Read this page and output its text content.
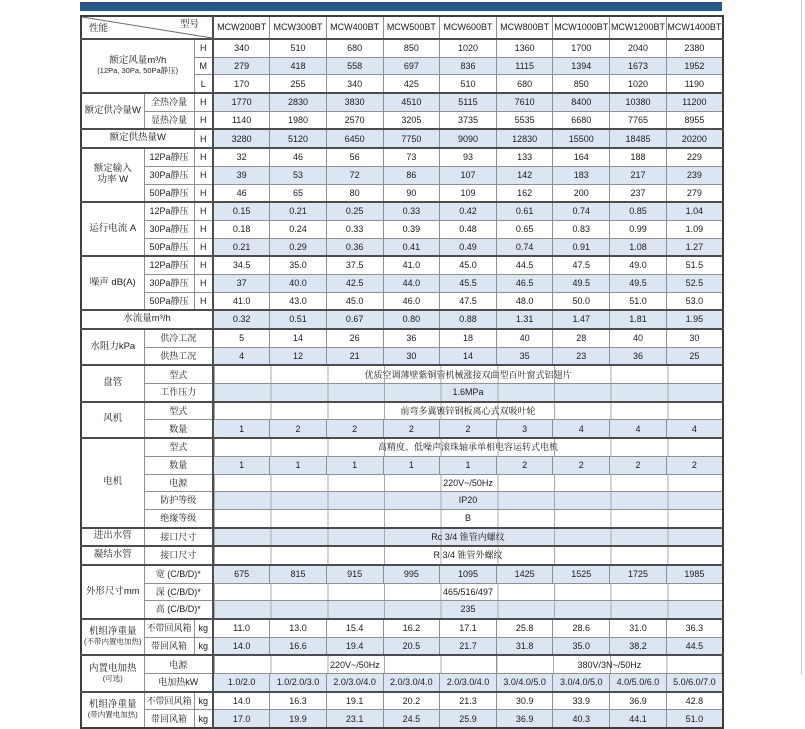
性能 型号			MCW200BT	MCW300BT	MCW400BT	MCW500BT	MCW600BT	MCW800BT	MCW1000BT	MCW1200BT	MCW1400BT
额定风量m³/h
(12Pa, 30Pa, 50Pa静压)		H	340	510	680	850	1020	1360	1700	2040	2380
		M	279	418	558	697	836	1115	1394	1673	1952
		L	170	255	340	425	510	680	850	1020	1190
额定供冷量W	全热冷量	H	1770	2830	3830	4510	5115	7610	8400	10380	11200
	显热冷量	H	1140	1980	2570	3205	3735	5535	6680	7765	8955
额定供热量W		H	3280	5120	6450	7750	9090	12830	15500	18485	20200
额定输入
功率 W	12Pa静压	H	32	46	56	73	93	133	164	188	229
	30Pa静压	H	39	53	72	86	107	142	183	217	239
	50Pa静压	H	46	65	80	90	109	162	200	237	279
运行电流 A	12Pa静压	H	0.15	0.21	0.25	0.33	0.42	0.61	0.74	0.85	1.04
	30Pa静压	H	0.18	0.24	0.33	0.39	0.48	0.65	0.83	0.99	1.09
	50Pa静压	H	0.21	0.29	0.36	0.41	0.49	0.74	0.91	1.08	1.27
噪声 dB(A)	12Pa静压	H	34.5	35.0	37.5	41.0	45.0	44.5	47.5	49.0	51.5
	30Pa静压	H	37	40.0	42.5	44.0	45.5	46.5	49.5	49.5	52.5
	50Pa静压	H	41.0	43.0	45.0	46.0	47.5	48.0	50.0	51.0	53.0
水流量m³/h			0.32	0.51	0.67	0.80	0.88	1.31	1.47	1.81	1.95
水阻力kPa	供冷工况		5	14	26	36	18	40	28	40	30
	供热工况		4	12	21	30	14	35	23	36	25
盘管	型式		优质空调薄壁紫铜管机械涨接双曲型百叶窗式铝翅片								
	工作压力		1.6MPa								
风机	型式		前弯多翼镀锌钢板离心式双吸叶轮								
	数量		1	2	2	2	2	3	4	4	4
电机	型式		高精度、低噪声滚珠轴承单相电容运转式电机								
	数量		1	1	1	1	1	2	2	2	2
	电源		220V~/50Hz								
	防护等级		IP20								
	绝缘等级		B								
进出水管	接口尺寸		Rc 3/4 锥管内螺纹								
凝结水管	接口尺寸		R 3/4 锥管外螺纹								
外形尺寸mm	宽 (C/B/D)*		675	815	915	995	1095	1425	1525	1725	1985
	深 (C/B/D)*		465/516/497								
	高 (C/B/D)*		235								
机组净重量
(不带内置电加热)	不带回风箱	kg	11.0	13.0	15.4	16.2	17.1	25.8	28.6	31.0	36.3
	带回风箱	kg	14.0	16.6	19.4	20.5	21.7	31.8	35.0	38.2	44.5
内置电加热
(可选)	电源		220V~/50Hz					380V/3N~/50Hz			
	电加热kW		1.0/2.0	1.0/2.0/3.0	2.0/3.0/4.0	2.0/3.0/4.0	2.0/3.0/4.0	3.0/4.0/5.0	3.0/4.0/5.0	4.0/5.0/6.0	5.0/6.0/7.0
机组净重量
(带内置电加热)	不带回风箱	kg	14.0	16.3	19.1	20.2	21.3	30.9	33.9	36.9	42.8
	带回风箱	kg	17.0	19.9	23.1	24.5	25.9	36.9	40.3	44.1	51.0
